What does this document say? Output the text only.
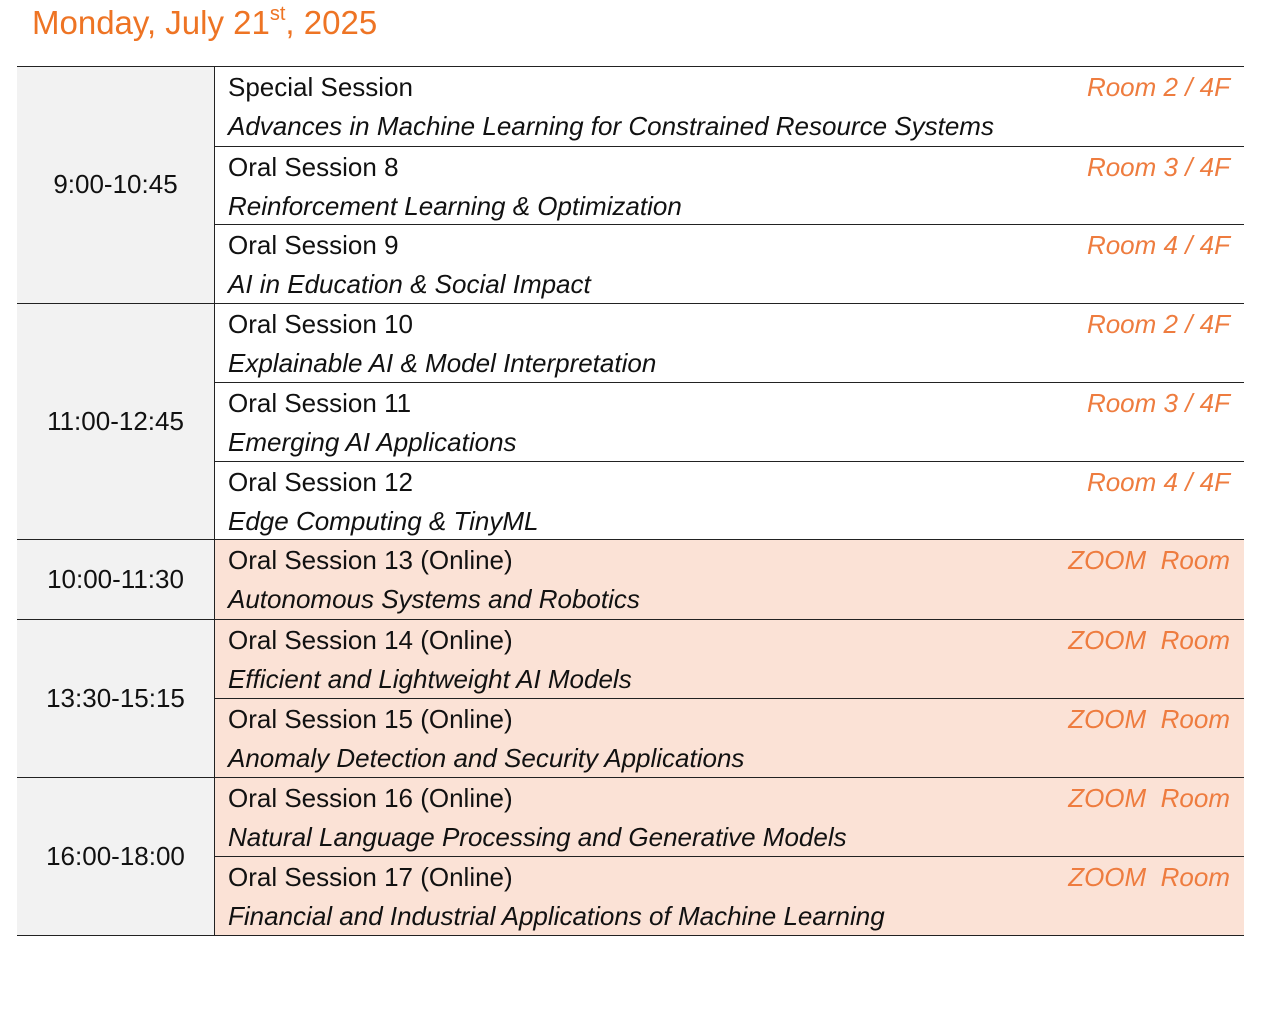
Monday, July 21st, 2025
9:00-10:45
Special Session
Advances in Machine Learning for Constrained Resource Systems
Room 2 / 4F
Oral Session 8
Reinforcement Learning & Optimization
Room 3 / 4F
Oral Session 9
AI in Education & Social Impact
Room 4 / 4F
11:00-12:45
Oral Session 10
Explainable AI & Model Interpretation
Room 2 / 4F
Oral Session 11
Emerging AI Applications
Room 3 / 4F
Oral Session 12
Edge Computing & TinyML
Room 4 / 4F
10:00-11:30
Oral Session 13 (Online)
Autonomous Systems and Robotics
ZOOM  Room
13:30-15:15
Oral Session 14 (Online)
Efficient and Lightweight AI Models
ZOOM  Room
Oral Session 15 (Online)
Anomaly Detection and Security Applications
ZOOM  Room
16:00-18:00
Oral Session 16 (Online)
Natural Language Processing and Generative Models
ZOOM  Room
Oral Session 17 (Online)
Financial and Industrial Applications of Machine Learning
ZOOM  Room
